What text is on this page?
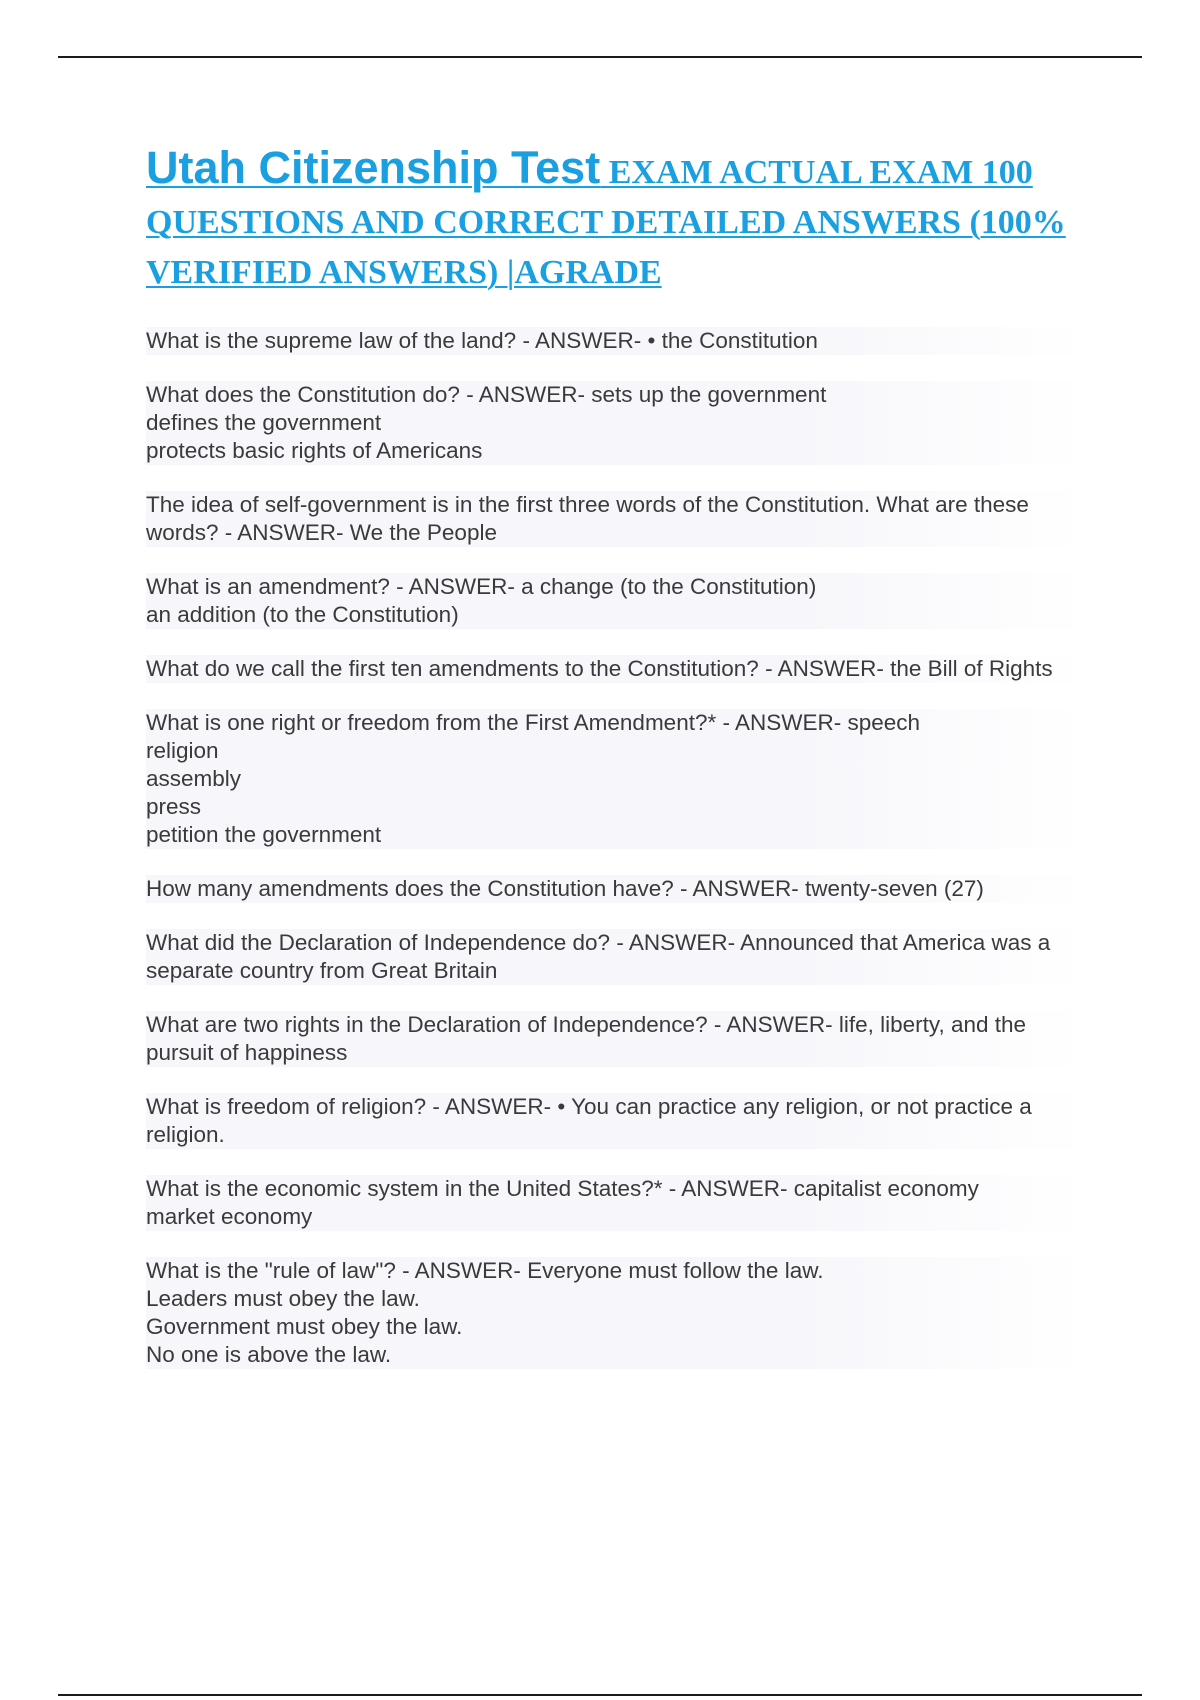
Utah Citizenship Test EXAM ACTUAL EXAM 100 QUESTIONS AND CORRECT DETAILED ANSWERS (100% VERIFIED ANSWERS) |AGRADE

What is the supreme law of the land? - ANSWER- • the Constitution

What does the Constitution do? - ANSWER- sets up the government
defines the government
protects basic rights of Americans

The idea of self-government is in the first three words of the Constitution. What are these words? - ANSWER- We the People

What is an amendment? - ANSWER- a change (to the Constitution)
an addition (to the Constitution)

What do we call the first ten amendments to the Constitution? - ANSWER- the Bill of Rights

What is one right or freedom from the First Amendment?* - ANSWER- speech
religion
assembly
press
petition the government

How many amendments does the Constitution have? - ANSWER- twenty-seven (27)

What did the Declaration of Independence do? - ANSWER- Announced that America was a separate country from Great Britain

What are two rights in the Declaration of Independence? - ANSWER- life, liberty, and the pursuit of happiness

What is freedom of religion? - ANSWER- • You can practice any religion, or not practice a religion.

What is the economic system in the United States?* - ANSWER- capitalist economy
market economy

What is the "rule of law"? - ANSWER- Everyone must follow the law.
Leaders must obey the law.
Government must obey the law.
No one is above the law.
